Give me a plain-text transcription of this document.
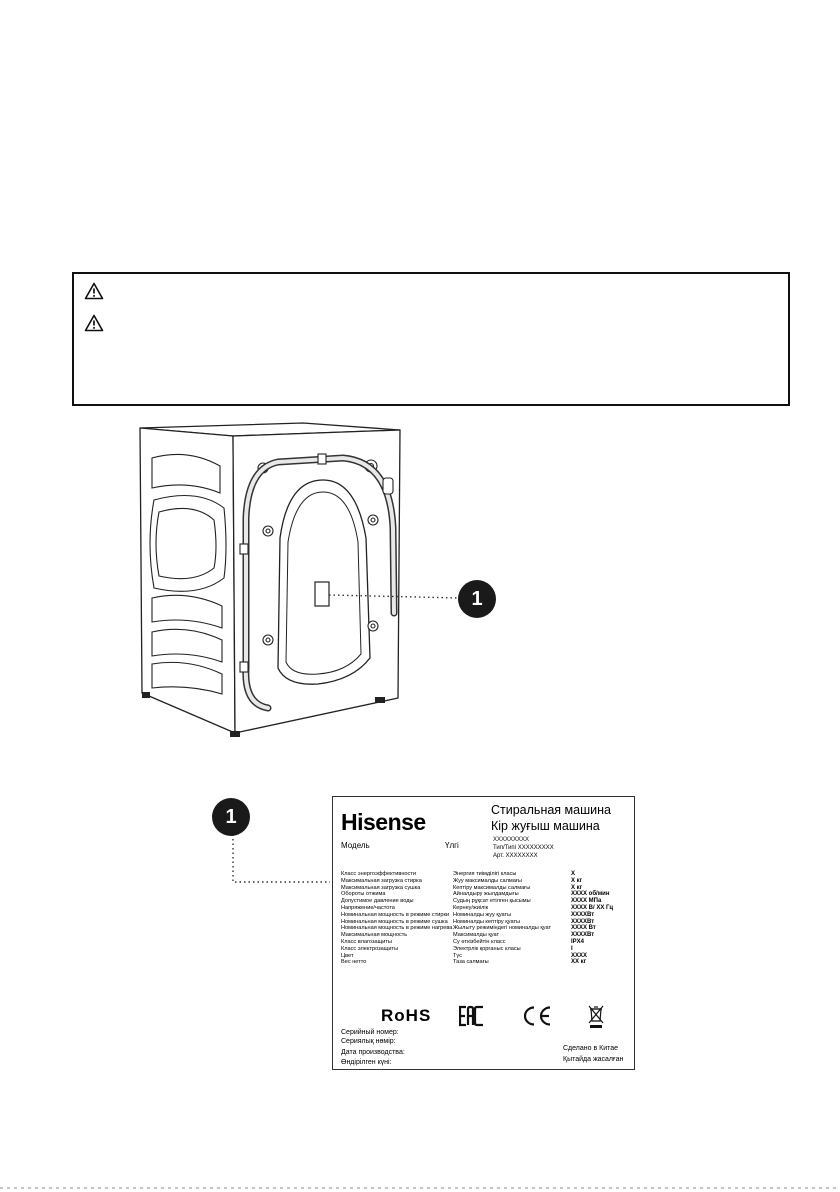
1
1	Hisense	Стиральная машина
Кір жуғыш машина
Модель	Үлгі
XXXXXXXXX
Тип/Типі XXXXXXXXX
Арт. XXXXXXXX
Класс энергоэффективности	Энергия тиімділігі класы	X
Максимальная загрузка стирка	Жуу максималды салмағы	X кг
Максимальная загрузка сушка	Кептіру максималды салмағы	X кг
Обороты отжима	Айналдыру жылдамдығы	XXXX об/мин
Допустимое давление воды	Судың рұқсат етілген қысымы	XXXX МПа
Напряжение/частота	Кернеу/жиілік	XXXX В/ XX Гц
Номинальная мощность в режиме стирки	Номиналды жуу қуаты	XXXXВт
Номинальная мощность в режиме сушка	Номиналды кептіру қуаты	XXXXВт
Номинальная мощность в режиме нагрева	Жылыту режиміндегі номиналды қуат	XXXX Вт
Максимальная мощность	Максималды қуат	XXXXВт
Класс влагозащиты	Су өткізбейтін класс	IPX4
Класс электрозащиты	Электрлік қорғаныс класы	I
Цвет	Түс	XXXX
Вес нетто	Таза салмағы	XX кг
RoHS
Серийный номер:
Сериялық нөмір:
Дата производства:
Өндірілген күні:
Сделано в Китае
Қытайда жасалған
